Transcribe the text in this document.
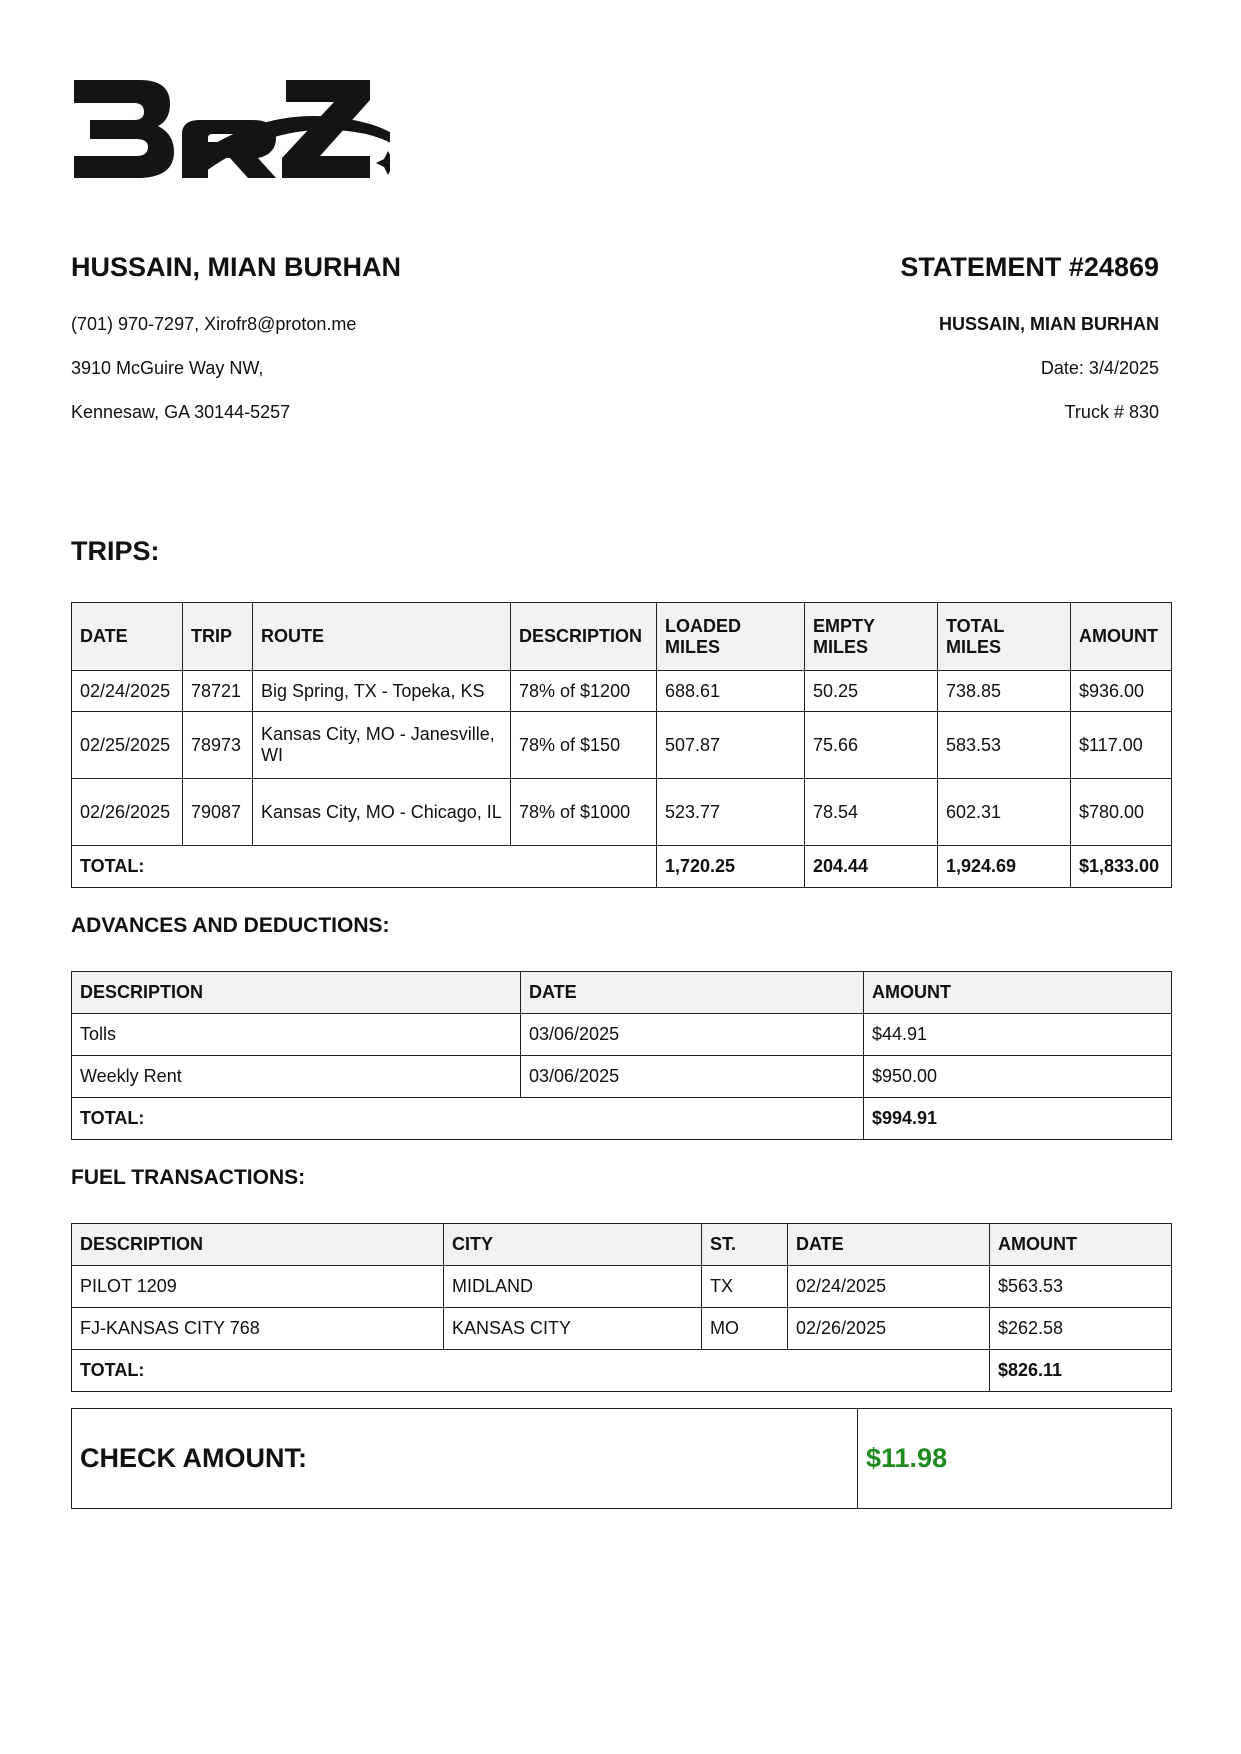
HUSSAIN, MIAN BURHAN	STATEMENT #24869
(701) 970-7297, Xirofr8@proton.me
3910 McGuire Way NW,
Kennesaw, GA 30144-5257
HUSSAIN, MIAN BURHAN
Date: 3/4/2025
Truck # 830
TRIPS:
DATE	TRIP	ROUTE	DESCRIPTION	LOADED MILES	EMPTY MILES	TOTAL MILES	AMOUNT
02/24/2025	78721	Big Spring, TX - Topeka, KS	78% of $1200	688.61	50.25	738.85	$936.00
02/25/2025	78973	Kansas City, MO - Janesville, WI	78% of $150	507.87	75.66	583.53	$117.00
02/26/2025	79087	Kansas City, MO - Chicago, IL	78% of $1000	523.77	78.54	602.31	$780.00
TOTAL:				1,720.25	204.44	1,924.69	$1,833.00
ADVANCES AND DEDUCTIONS:
DESCRIPTION	DATE	AMOUNT
Tolls	03/06/2025	$44.91
Weekly Rent	03/06/2025	$950.00
TOTAL:		$994.91
FUEL TRANSACTIONS:
DESCRIPTION	CITY	ST.	DATE	AMOUNT
PILOT 1209	MIDLAND	TX	02/24/2025	$563.53
FJ-KANSAS CITY 768	KANSAS CITY	MO	02/26/2025	$262.58
TOTAL:				$826.11
CHECK AMOUNT:	$11.98
